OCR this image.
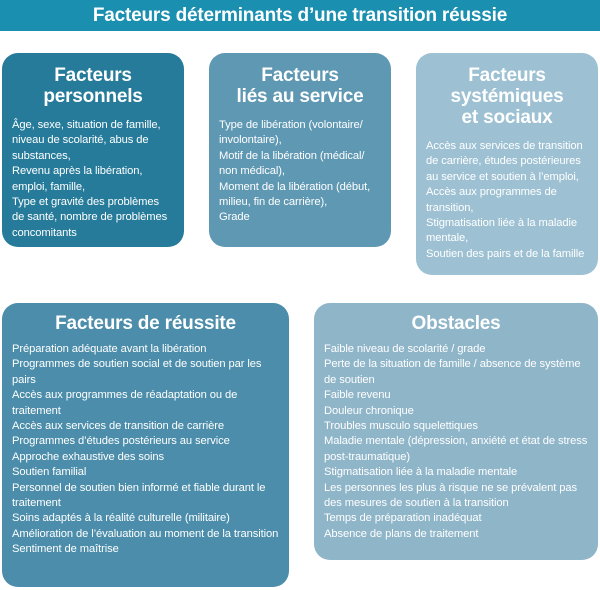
Facteurs déterminants d’une transition réussie
Facteurs
personnels
Âge, sexe, situation de famille, niveau de scolarité, abus de substances,
Revenu après la libération, emploi, famille,
Type et gravité des problèmes de santé, nombre de problèmes concomitants
Facteurs
liés au service
Type de libération (volontaire/ involontaire),
Motif de la libération (médical/ non médical),
Moment de la libération (début, milieu, fin de carrière),
Grade
Facteurs
systémiques
et sociaux
Accès aux services de transition de carrière, études postérieures au service et soutien à l’emploi,
Accès aux programmes de transition,
Stigmatisation liée à la maladie mentale,
Soutien des pairs et de la famille
Facteurs de réussite
Préparation adéquate avant la libération
Programmes de soutien social et de soutien par les pairs
Accès aux programmes de réadaptation ou de traitement
Accès aux services de transition de carrière
Programmes d’études postérieurs au service
Approche exhaustive des soins
Soutien familial
Personnel de soutien bien informé et fiable durant le traitement
Soins adaptés à la réalité culturelle (militaire)
Amélioration de l’évaluation au moment de la transition
Sentiment de maîtrise
Obstacles
Faible niveau de scolarité / grade
Perte de la situation de famille / absence de système de soutien
Faible revenu
Douleur chronique
Troubles musculo squelettiques
Maladie mentale (dépression, anxiété et état de stress post-traumatique)
Stigmatisation liée à la maladie mentale
Les personnes les plus à risque ne se prévalent pas des mesures de soutien à la transition
Temps de préparation inadéquat
Absence de plans de traitement
